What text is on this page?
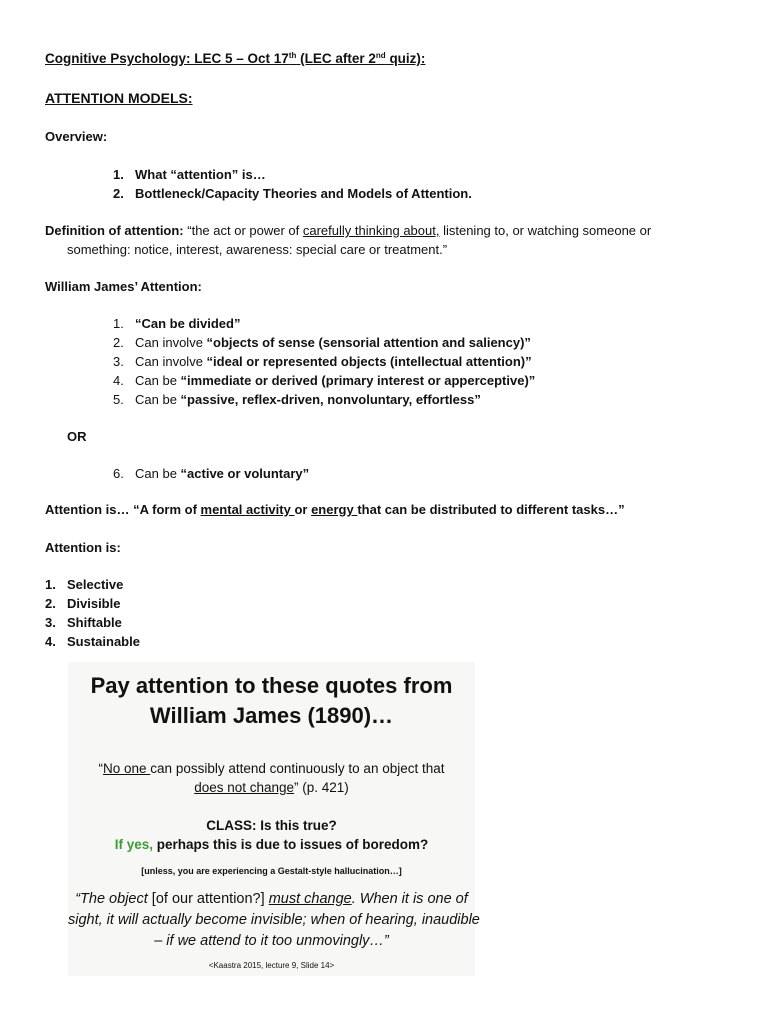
Cognitive Psychology: LEC 5 – Oct 17th (LEC after 2nd quiz):
ATTENTION MODELS:
Overview:
1. What “attention” is…
2. Bottleneck/Capacity Theories and Models of Attention.
Definition of attention: “the act or power of carefully thinking about, listening to, or watching someone or
something: notice, interest, awareness: special care or treatment.”
William James’ Attention:
1. “Can be divided”
2. Can involve “objects of sense (sensorial attention and saliency)”
3. Can involve “ideal or represented objects (intellectual attention)”
4. Can be “immediate or derived (primary interest or apperceptive)”
5. Can be “passive, reflex-driven, nonvoluntary, effortless”
OR
6. Can be “active or voluntary”
Attention is… “A form of mental activity or energy that can be distributed to different tasks…”
Attention is:
1. Selective
2. Divisible
3. Shiftable
4. Sustainable
Pay attention to these quotes from
William James (1890)…
“No one can possibly attend continuously to an object that
does not change” (p. 421)
CLASS: Is this true?
If yes, perhaps this is due to issues of boredom?
[unless, you are experiencing a Gestalt-style hallucination…]
“The object [of our attention?] must change. When it is one of
sight, it will actually become invisible; when of hearing, inaudible
– if we attend to it too unmovingly…”
<Kaastra 2015, lecture 9, Slide 14>
